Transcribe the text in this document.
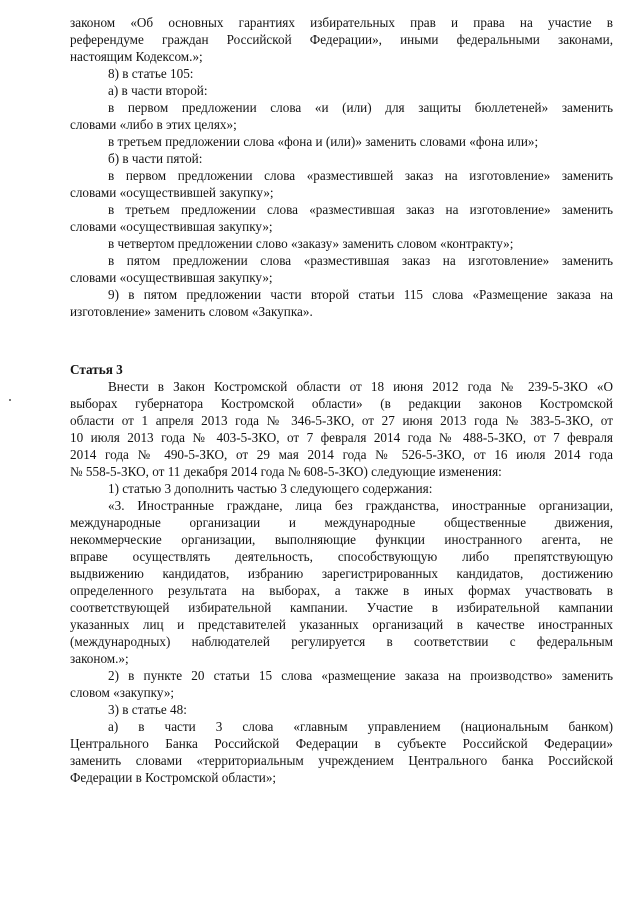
законом «Об основных гарантиях избирательных прав и права на участие в
референдуме граждан Российской Федерации», иными федеральными законами,
настоящим Кодексом.»;
8) в статье 105:
а) в части второй:
в первом предложении слова «и (или) для защиты бюллетеней» заменить
словами «либо в этих целях»;
в третьем предложении слова «фона и (или)» заменить словами «фона или»;
б) в части пятой:
в первом предложении слова «разместившей заказ на изготовление» заменить
словами «осуществившей закупку»;
в третьем предложении слова «разместившая заказ на изготовление» заменить
словами «осуществившая закупку»;
в четвертом предложении слово «заказу» заменить словом «контракту»;
в пятом предложении слова «разместившая заказ на изготовление» заменить
словами «осуществившая закупку»;
9) в пятом предложении части второй статьи 115 слова «Размещение заказа на
изготовление» заменить словом «Закупка».
Статья 3
Внести в Закон Костромской области от 18 июня 2012 года № 239-5-ЗКО «О
выборах губернатора Костромской области» (в редакции законов Костромской
области от 1 апреля 2013 года № 346-5-ЗКО, от 27 июня 2013 года № 383-5-ЗКО, от
10 июля 2013 года № 403-5-ЗКО, от 7 февраля 2014 года № 488-5-ЗКО, от 7 февраля
2014 года № 490-5-ЗКО, от 29 мая 2014 года № 526-5-ЗКО, от 16 июля 2014 года
№ 558-5-ЗКО, от 11 декабря 2014 года № 608-5-ЗКО) следующие изменения:
1) статью 3 дополнить частью 3 следующего содержания:
«3. Иностранные граждане, лица без гражданства, иностранные организации,
международные организации и международные общественные движения,
некоммерческие организации, выполняющие функции иностранного агента, не
вправе осуществлять деятельность, способствующую либо препятствующую
выдвижению кандидатов, избранию зарегистрированных кандидатов, достижению
определенного результата на выборах, а также в иных формах участвовать в
соответствующей избирательной кампании. Участие в избирательной кампании
указанных лиц и представителей указанных организаций в качестве иностранных
(международных) наблюдателей регулируется в соответствии с федеральным
законом.»;
2) в пункте 20 статьи 15 слова «размещение заказа на производство» заменить
словом «закупку»;
3) в статье 48:
а) в части 3 слова «главным управлением (национальным банком)
Центрального Банка Российской Федерации в субъекте Российской Федерации»
заменить словами «территориальным учреждением Центрального банка Российской
Федерации в Костромской области»;
